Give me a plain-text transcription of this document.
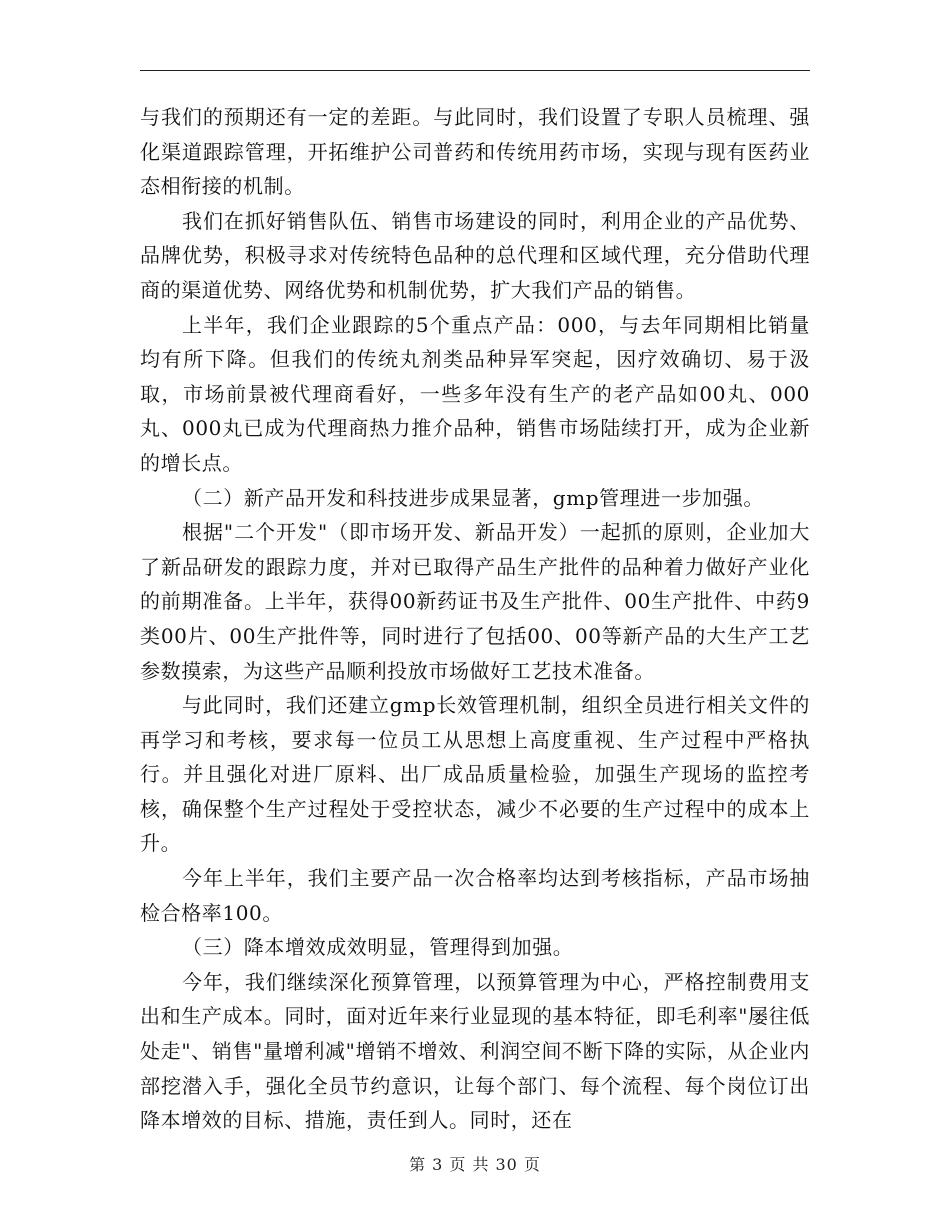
与我们的预期还有一定的差距。与此同时，我们设置了专职人员梳理、强化渠道跟踪管理，开拓维护公司普药和传统用药市场，实现与现有医药业态相衔接的机制。

我们在抓好销售队伍、销售市场建设的同时，利用企业的产品优势、品牌优势，积极寻求对传统特色品种的总代理和区域代理，充分借助代理商的渠道优势、网络优势和机制优势，扩大我们产品的销售。

上半年，我们企业跟踪的5个重点产品：000，与去年同期相比销量均有所下降。但我们的传统丸剂类品种异军突起，因疗效确切、易于汲取，市场前景被代理商看好，一些多年没有生产的老产品如00丸、000丸、000丸已成为代理商热力推介品种，销售市场陆续打开，成为企业新的增长点。

（二）新产品开发和科技进步成果显著，gmp管理进一步加强。

根据"二个开发"（即市场开发、新品开发）一起抓的原则，企业加大了新品研发的跟踪力度，并对已取得产品生产批件的品种着力做好产业化的前期准备。上半年，获得00新药证书及生产批件、00生产批件、中药9类00片、00生产批件等，同时进行了包括00、00等新产品的大生产工艺参数摸索，为这些产品顺利投放市场做好工艺技术准备。

与此同时，我们还建立gmp长效管理机制，组织全员进行相关文件的再学习和考核，要求每一位员工从思想上高度重视、生产过程中严格执行。并且强化对进厂原料、出厂成品质量检验，加强生产现场的监控考核，确保整个生产过程处于受控状态，减少不必要的生产过程中的成本上升。

今年上半年，我们主要产品一次合格率均达到考核指标，产品市场抽检合格率100。

（三）降本增效成效明显，管理得到加强。

今年，我们继续深化预算管理，以预算管理为中心，严格控制费用支出和生产成本。同时，面对近年来行业显现的基本特征，即毛利率"屡往低处走"、销售"量增利减"增销不增效、利润空间不断下降的实际，从企业内部挖潜入手，强化全员节约意识，让每个部门、每个流程、每个岗位订出降本增效的目标、措施，责任到人。同时，还在

第 3 页 共 30 页
